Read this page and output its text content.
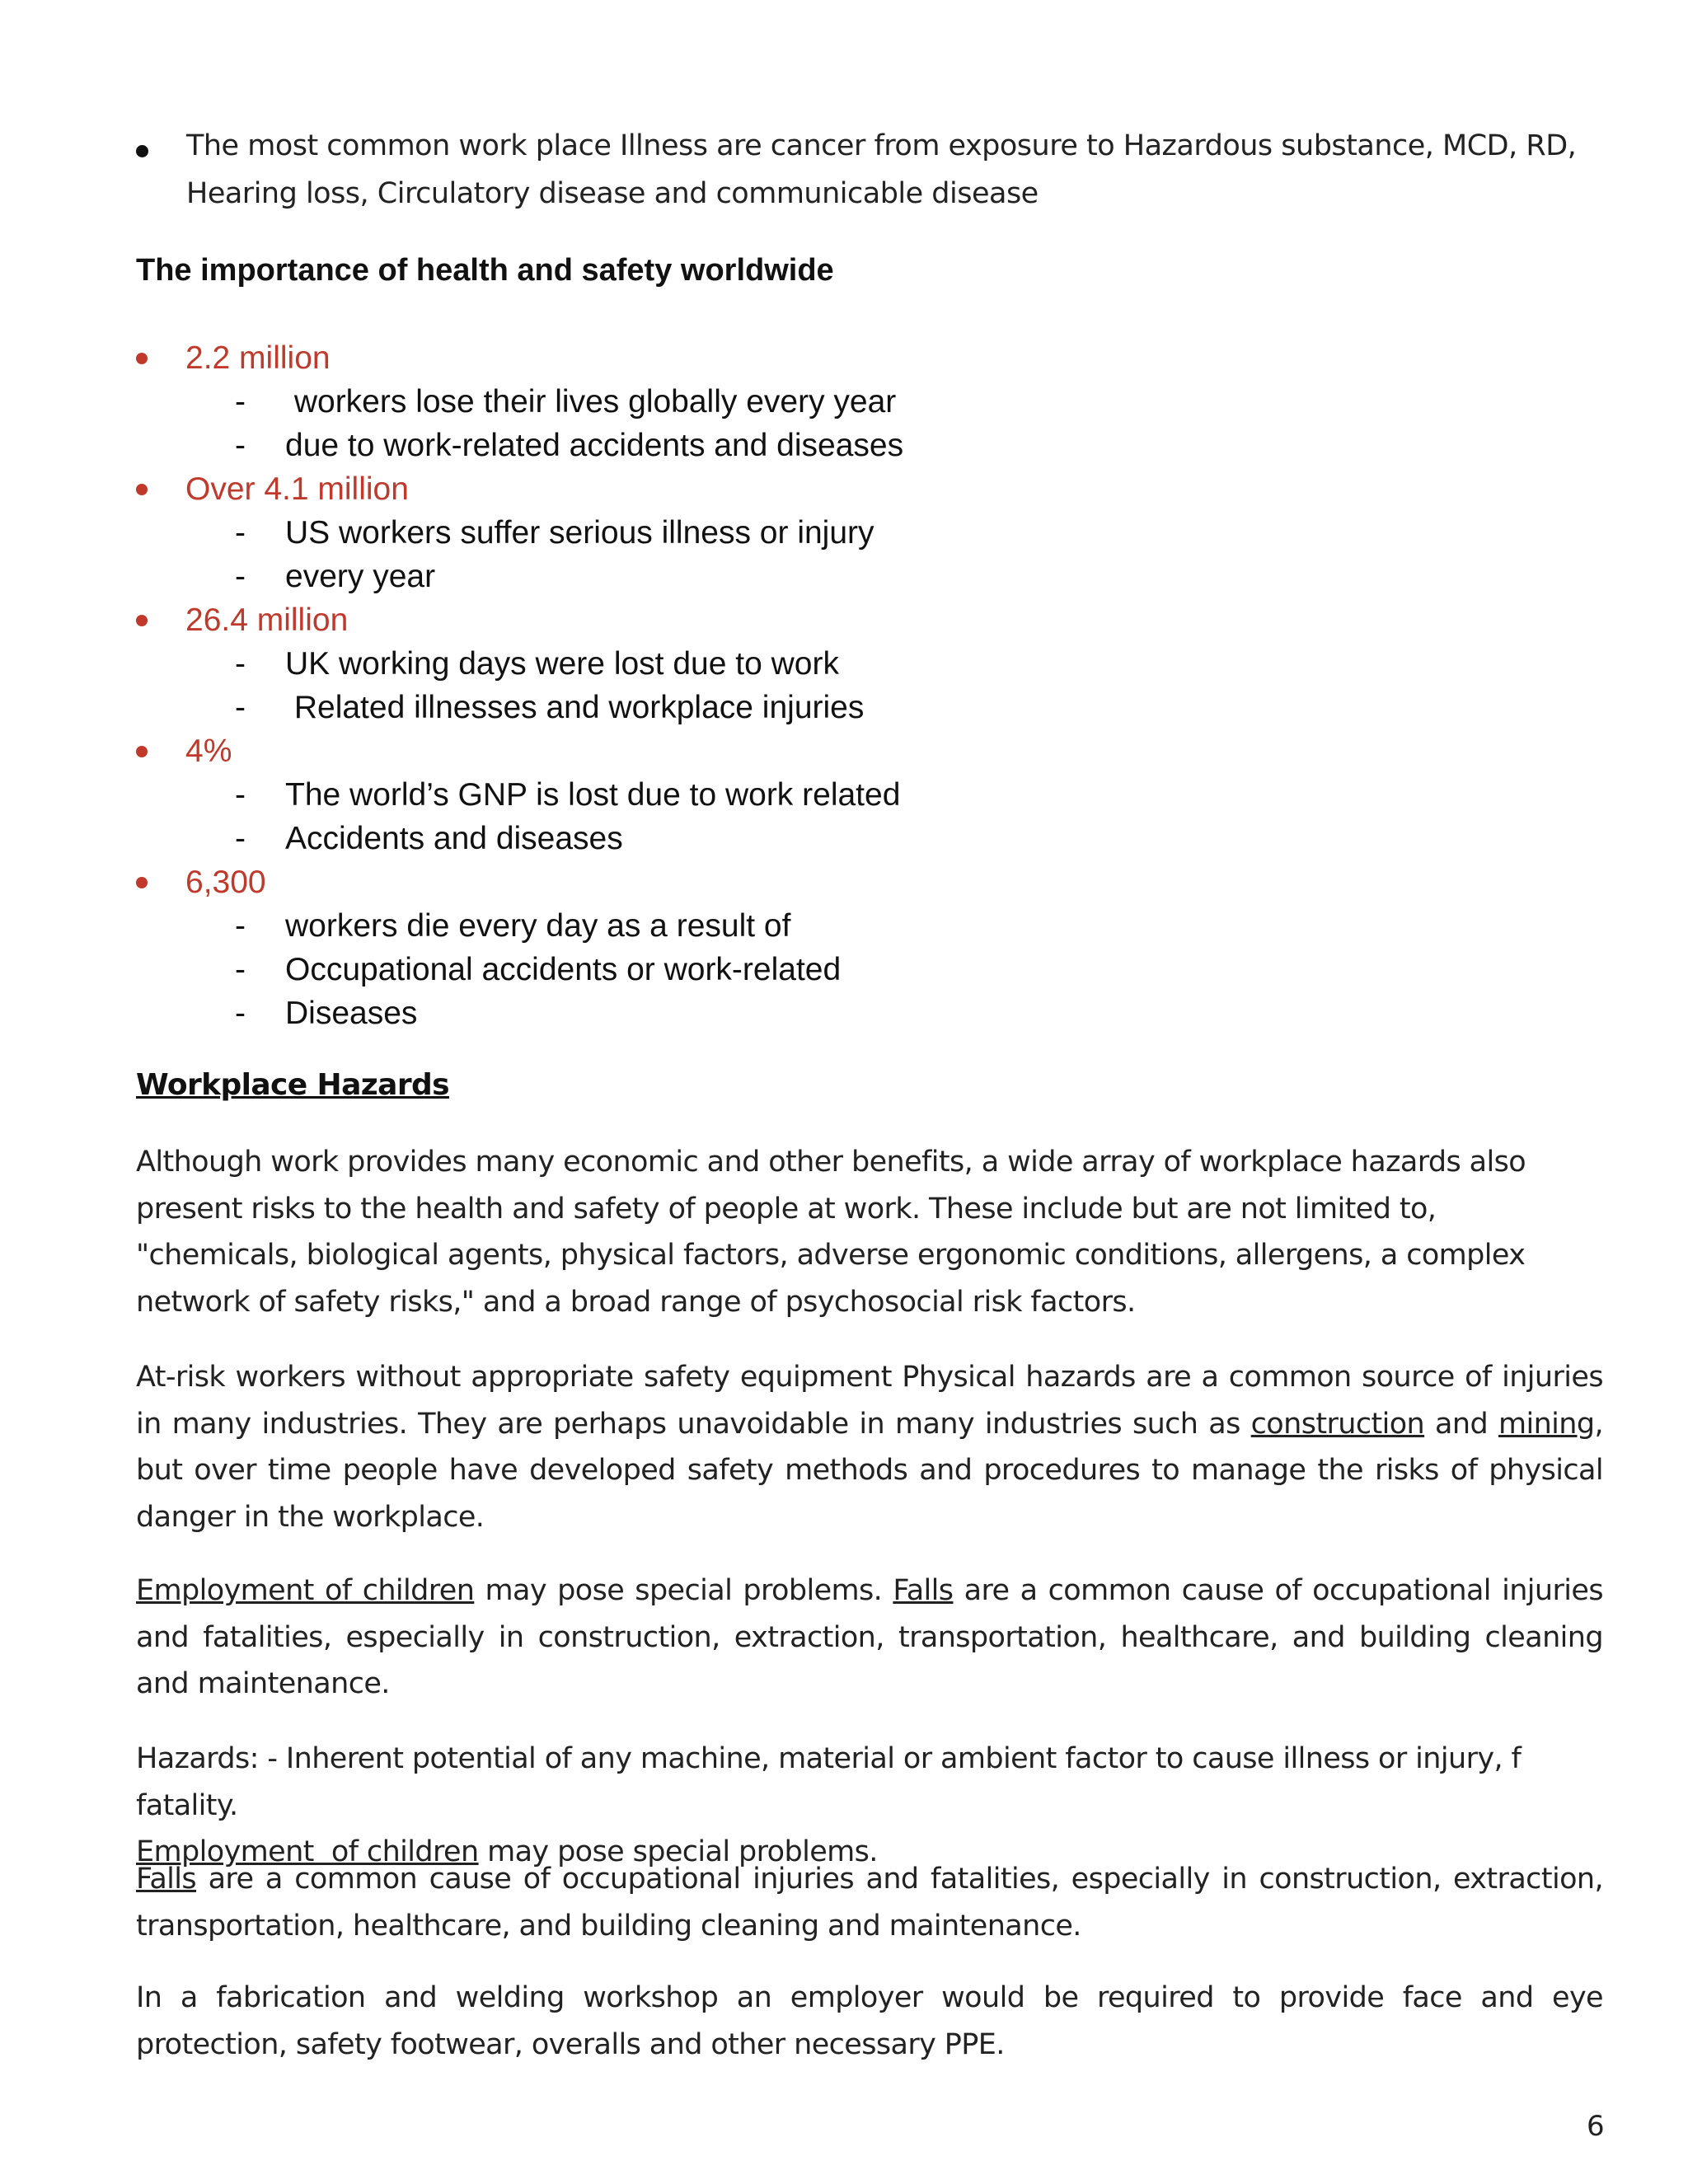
The most common work place Illness are cancer from exposure to Hazardous substance, MCD, RD, Hearing loss, Circulatory disease and communicable disease
The importance of health and safety worldwide
2.2 million
-	workers lose their lives globally every year
-	due to work-related accidents and diseases
Over 4.1 million
-	US workers suffer serious illness or injury
-	every year
26.4 million
-	UK working days were lost due to work
-	Related illnesses and workplace injuries
4%
-	The world’s GNP is lost due to work related
-	Accidents and diseases
6,300
-	workers die every day as a result of
-	Occupational accidents or work-related
-	Diseases
Workplace Hazards

Although work provides many economic and other benefits, a wide array of workplace hazards also present risks to the health and safety of people at work. These include but are not limited to, "chemicals, biological agents, physical factors, adverse ergonomic conditions, allergens, a complex network of safety risks," and a broad range of psychosocial risk factors.

At-risk workers without appropriate safety equipment Physical hazards are a common source of injuries in many industries. They are perhaps unavoidable in many industries such as construction and mining, but over time people have developed safety methods and procedures to manage the risks of physical danger in the workplace.

Employment of children may pose special problems. Falls are a common cause of occupational injuries and fatalities, especially in construction, extraction, transportation, healthcare, and building cleaning and maintenance.

Hazards: - Inherent potential of any machine, material or ambient factor to cause illness or injury, f fatality.
Employment  of children may pose special problems.

Falls are a common cause of occupational injuries and fatalities, especially in construction, extraction, transportation, healthcare, and building cleaning and maintenance.

In a fabrication and welding workshop an employer would be required to provide face and eye protection, safety footwear, overalls and other necessary PPE.

6
